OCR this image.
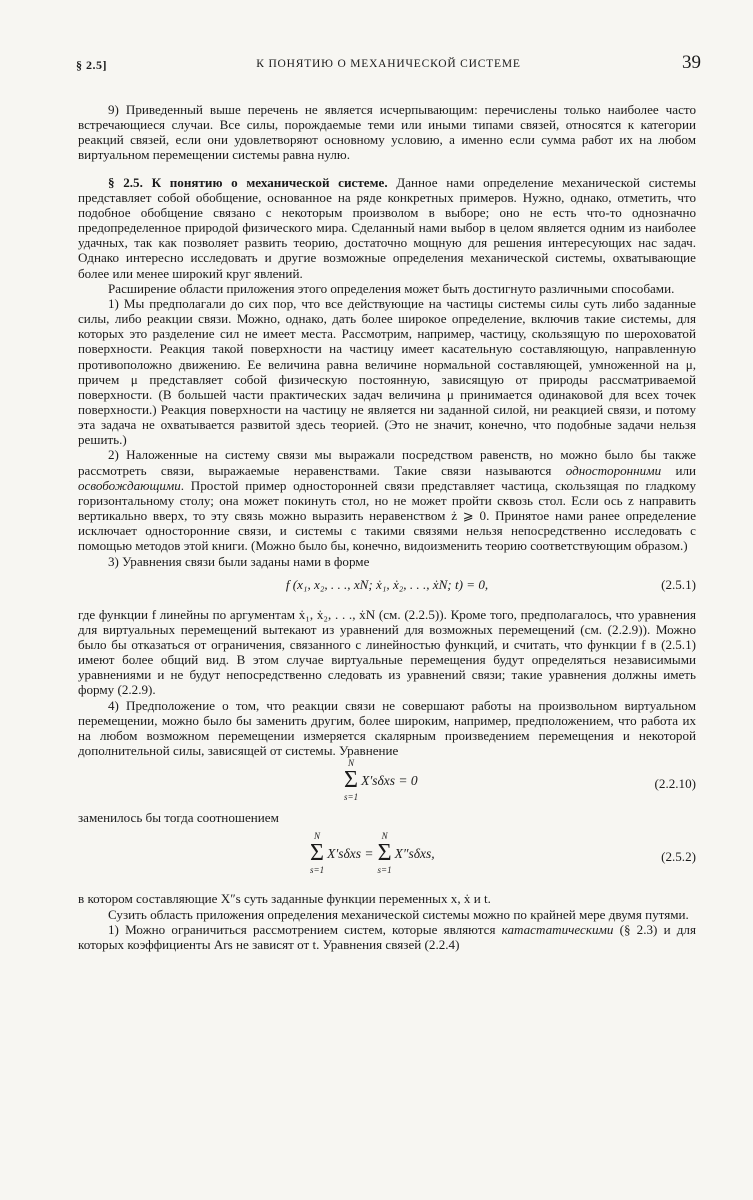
§ 2.5]	К ПОНЯТИЮ О МЕХАНИЧЕСКОЙ СИСТЕМЕ	39

9) Приведенный выше перечень не является исчерпывающим: перечислены только наиболее часто встречающиеся случаи. Все силы, порождаемые теми или иными типами связей, относятся к категории реакций связей, если они удовлетворяют основному условию, а именно если сумма работ их на любом виртуальном перемещении системы равна нулю.

§ 2.5. К понятию о механической системе. Данное нами определение механической системы представляет собой обобщение, основанное на ряде конкретных примеров. Нужно, однако, отметить, что подобное обобщение связано с некоторым произволом в выборе; оно не есть что-то однозначно предопределенное природой физического мира. Сделанный нами выбор в целом является одним из наиболее удачных, так как позволяет развить теорию, достаточно мощную для решения интересующих нас задач. Однако интересно исследовать и другие возможные определения механической системы, охватывающие более или менее широкий круг явлений.

Расширение области приложения этого определения может быть достигнуто различными способами.

1) Мы предполагали до сих пор, что все действующие на частицы системы силы суть либо заданные силы, либо реакции связи. Можно, однако, дать более широкое определение, включив такие системы, для которых это разделение сил не имеет места. Рассмотрим, например, частицу, скользящую по шероховатой поверхности. Реакция такой поверхности на частицу имеет касательную составляющую, направленную противоположно движению. Ее величина равна величине нормальной составляющей, умноженной на μ, причем μ представляет собой физическую постоянную, зависящую от природы рассматриваемой поверхности. (В большей части практических задач величина μ принимается одинаковой для всех точек поверхности.) Реакция поверхности на частицу не является ни заданной силой, ни реакцией связи, и потому эта задача не охватывается развитой здесь теорией. (Это не значит, конечно, что подобные задачи нельзя решить.)

2) Наложенные на систему связи мы выражали посредством равенств, но можно было бы также рассмотреть связи, выражаемые неравенствами. Такие связи называются односторонними или освобождающими. Простой пример односторонней связи представляет частица, скользящая по гладкому горизонтальному столу; она может покинуть стол, но не может пройти сквозь стол. Если ось z направить вертикально вверх, то эту связь можно выразить неравенством ż ⩾ 0. Принятое нами ранее определение исключает односторонние связи, и системы с такими связями нельзя непосредственно исследовать с помощью методов этой книги. (Можно было бы, конечно, видоизменить теорию соответствующим образом.)

3) Уравнения связи были заданы нами в форме

f (x₁, x₂, . . ., xN; ẋ₁, ẋ₂, . . ., ẋN; t) = 0,	(2.5.1)

где функции f линейны по аргументам ẋ₁, ẋ₂, . . ., ẋN (см. (2.2.5)). Кроме того, предполагалось, что уравнения для виртуальных перемещений вытекают из уравнений для возможных перемещений (см. (2.2.9)). Можно было бы отказаться от ограничения, связанного с линейностью функций, и считать, что функции f в (2.5.1) имеют более общий вид. В этом случае виртуальные перемещения будут определяться независимыми уравнениями и не будут непосредственно следовать из уравнений связи; такие уравнения должны иметь форму (2.2.9).

4) Предположение о том, что реакции связи не совершают работы на произвольном виртуальном перемещении, можно было бы заменить другим, более широким, например, предположением, что работа их на любом возможном перемещении измеряется скалярным произведением перемещения и некоторой дополнительной силы, зависящей от системы. Уравнение

N
Σ
s=1
X′sδxs = 0	(2.2.10)

заменилось бы тогда соотношением

N
Σ
s=1
X′sδxs =
N
Σ
s=1
X″sδxs,	(2.5.2)

в котором составляющие X″s суть заданные функции переменных x, ẋ и t.

Сузить область приложения определения механической системы можно по крайней мере двумя путями.

1) Можно ограничиться рассмотрением систем, которые являются катастатическими (§ 2.3) и для которых коэффициенты Ars не зависят от t. Уравнения связей (2.2.4)
